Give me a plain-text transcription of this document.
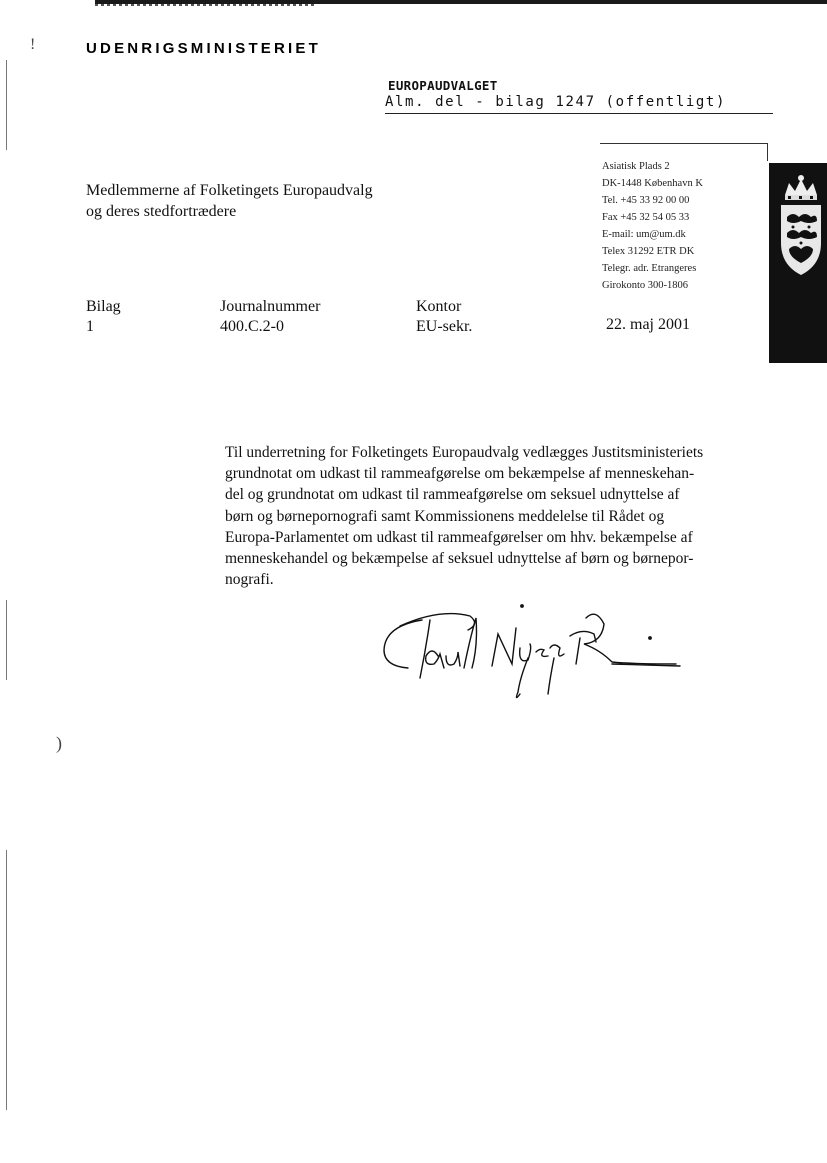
!
)
UDENRIGSMINISTERIET
EUROPAUDVALGET
Alm. del - bilag 1247 (offentligt)
Asiatisk Plads 2
DK-1448 København K
Tel. +45 33 92 00 00
Fax +45 32 54 05 33
E-mail: um@um.dk
Telex 31292 ETR DK
Telegr. adr. Etrangeres
Girokonto 300-1806
Medlemmerne af Folketingets Europaudvalg
og deres stedfortrædere
Bilag
1
Journalnummer
400.C.2-0
Kontor
EU-sekr.	22. maj 2001
Til underretning for Folketingets Europaudvalg vedlægges Justitsministeriets
grundnotat om udkast til rammeafgørelse om bekæmpelse af menneskehan-
del og grundnotat om udkast til rammeafgørelse om seksuel udnyttelse af
børn og børnepornografi samt Kommissionens meddelelse til Rådet og
Europa-Parlamentet om udkast til rammeafgørelser om hhv. bekæmpelse af
menneskehandel og bekæmpelse af seksuel udnyttelse af børn og børnepor-
nografi.
